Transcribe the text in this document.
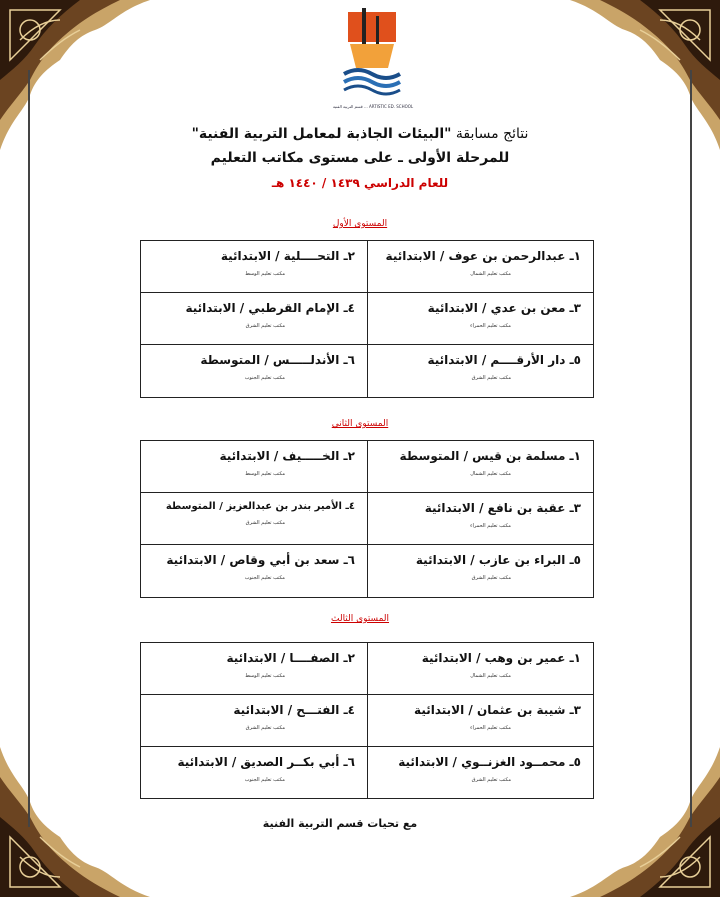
قسم التربية الفنية ... ARTISTIC ED. SCHOOL
نتائج مسابقة "البيئات الجاذبة لمعامل التربية الفنية"
للمرحلة الأولى ـ على مستوى مكاتب التعليم
للعام الدراسي ١٤٣٩ / ١٤٤٠ هـ
المستوى الأول
١ـ عبدالرحمن بن عوف / الابتدائية
مكتب تعليم الشمال
٢ـ التحــــلية / الابتدائية
مكتب تعليم الوسط
٣ـ معن بن عدي / الابتدائية
مكتب تعليم الحمراء
٤ـ الإمام القرطبي / الابتدائية
مكتب تعليم الشرق
٥ـ دار الأرقــــم / الابتدائية
مكتب تعليم الشرق
٦ـ الأندلـــــس / المتوسطة
مكتب تعليم الجنوب
المستوى الثاني
١ـ مسلمة بن قيس / المتوسطة
مكتب تعليم الشمال
٢ـ الخـــــيف / الابتدائية
مكتب تعليم الوسط
٣ـ عقبة بن نافع / الابتدائية
مكتب تعليم الحمراء
٤ـ الأمير بندر بن عبدالعزيز / المتوسطة
مكتب تعليم الشرق
٥ـ البراء بن عازب / الابتدائية
مكتب تعليم الشرق
٦ـ سعد بن أبي وقاص / الابتدائية
مكتب تعليم الجنوب
المستوى الثالث
١ـ عمير بن وهب / الابتدائية
مكتب تعليم الشمال
٢ـ الصفــــا / الابتدائية
مكتب تعليم الوسط
٣ـ شيبة بن عثمان / الابتدائية
مكتب تعليم الحمراء
٤ـ الفتـــح / الابتدائية
مكتب تعليم الشرق
٥ـ محمــود الغزنــوي / الابتدائية
مكتب تعليم الشرق
٦ـ أبي بكــر الصديق / الابتدائية
مكتب تعليم الجنوب
مع تحيات قسم التربية الفنية
